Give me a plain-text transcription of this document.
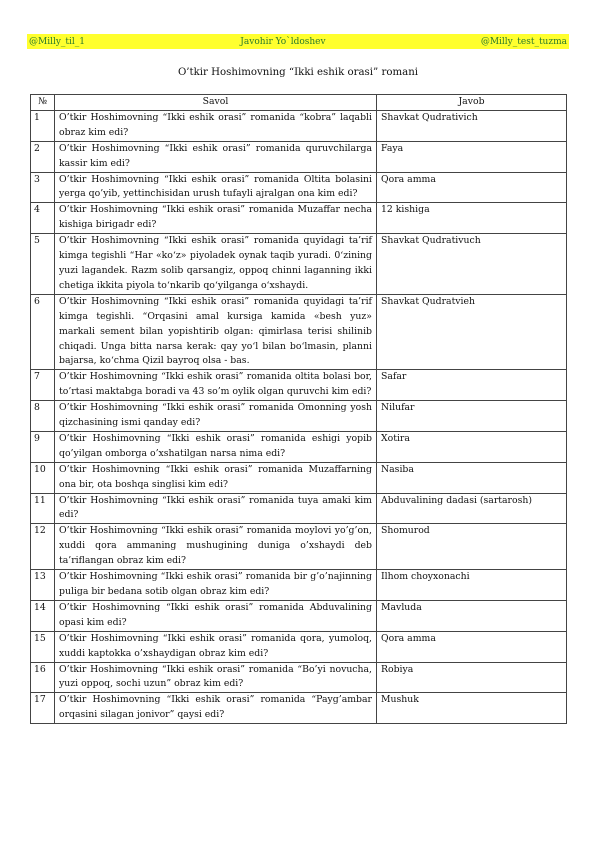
@Milly_til_1	Javohir Yo`ldoshev	@Milly_test_tuzma
O’tkir Hoshimovning “Ikki eshik orasi” romani
№	Savol	Javob
1	O’tkir Hoshimovning “Ikki eshik orasi” romanida “kobra” laqabli obraz kim edi?	Shavkat Qudrativich
2	O’tkir Hoshimovning “Ikki eshik orasi” romanida quruvchilarga kassir kim edi?	Faya
3	O’tkir Hoshimovning “Ikki eshik orasi” romanida Oltita bolasini yerga qo’yib, yettinchisidan urush tufayli ajralgan ona kim edi?	Qora amma
4	O’tkir Hoshimovning “Ikki eshik orasi” romanida Muzaffar necha kishiga birigadr edi?	12 kishiga
5	O’tkir Hoshimovning “Ikki eshik orasi” romanida quyidagi ta’rif kimga tegishli “Har «ko‘z» piyoladek oynak taqib yuradi. 0‘zining yuzi lagandek. Razm solib qarsangiz, oppoq chinni laganning ikki chetiga ikkita piyola to‘nkarib qo‘yilganga o‘xshaydi.	Shavkat Qudrativuch
6	O’tkir Hoshimovning “Ikki eshik orasi” romanida quyidagi ta’rif kimga tegishli. “Orqasini amal kursiga kamida «besh yuz» markali sement bilan yopishtirib olgan: qimirlasa terisi shilinib chiqadi. Unga bitta narsa kerak: qay yo‘l bilan bo‘lmasin, planni bajarsa, ko‘chma Qizil bayroq olsa - bas.	Shavkat Qudratvieh
7	O’tkir Hoshimovning “Ikki eshik orasi” romanida oltita bolasi bor, to’rtasi maktabga boradi va 43 so’m oylik olgan quruvchi kim edi?	Safar
8	O’tkir Hoshimovning “Ikki eshik orasi” romanida Omonning yosh qizchasining ismi qanday edi?	Nilufar
9	O’tkir Hoshimovning “Ikki eshik orasi” romanida eshigi yopib qo’yilgan omborga o’xshatilgan narsa nima edi?	Xotira
10	O’tkir Hoshimovning “Ikki eshik orasi” romanida Muzaffarning ona bir, ota boshqa singlisi kim edi?	Nasiba
11	O’tkir Hoshimovning “Ikki eshik orasi” romanida tuya amaki kim edi?	Abduvalining dadasi (sartarosh)
12	O’tkir Hoshimovning “Ikki eshik orasi” romanida moylovi yo’g’on, xuddi qora ammaning mushugining duniga o’xshaydi deb ta’riflangan obraz kim edi?	Shomurod
13	O’tkir Hoshimovning “Ikki eshik orasi” romanida bir g’o’najinning puliga bir bedana sotib olgan obraz kim edi?	Ilhom choyxonachi
14	O’tkir Hoshimovning “Ikki eshik orasi” romanida Abduvalining opasi kim edi?	Mavluda
15	O’tkir Hoshimovning “Ikki eshik orasi” romanida qora, yumoloq, xuddi kaptokka o’xshaydigan obraz kim edi?	Qora amma
16	O’tkir Hoshimovning “Ikki eshik orasi” romanida “Bo’yi novucha, yuzi oppoq, sochi uzun” obraz kim edi?	Robiya
17	O’tkir Hoshimovning “Ikki eshik orasi” romanida “Payg’ambar orqasini silagan jonivor” qaysi edi?	Mushuk
